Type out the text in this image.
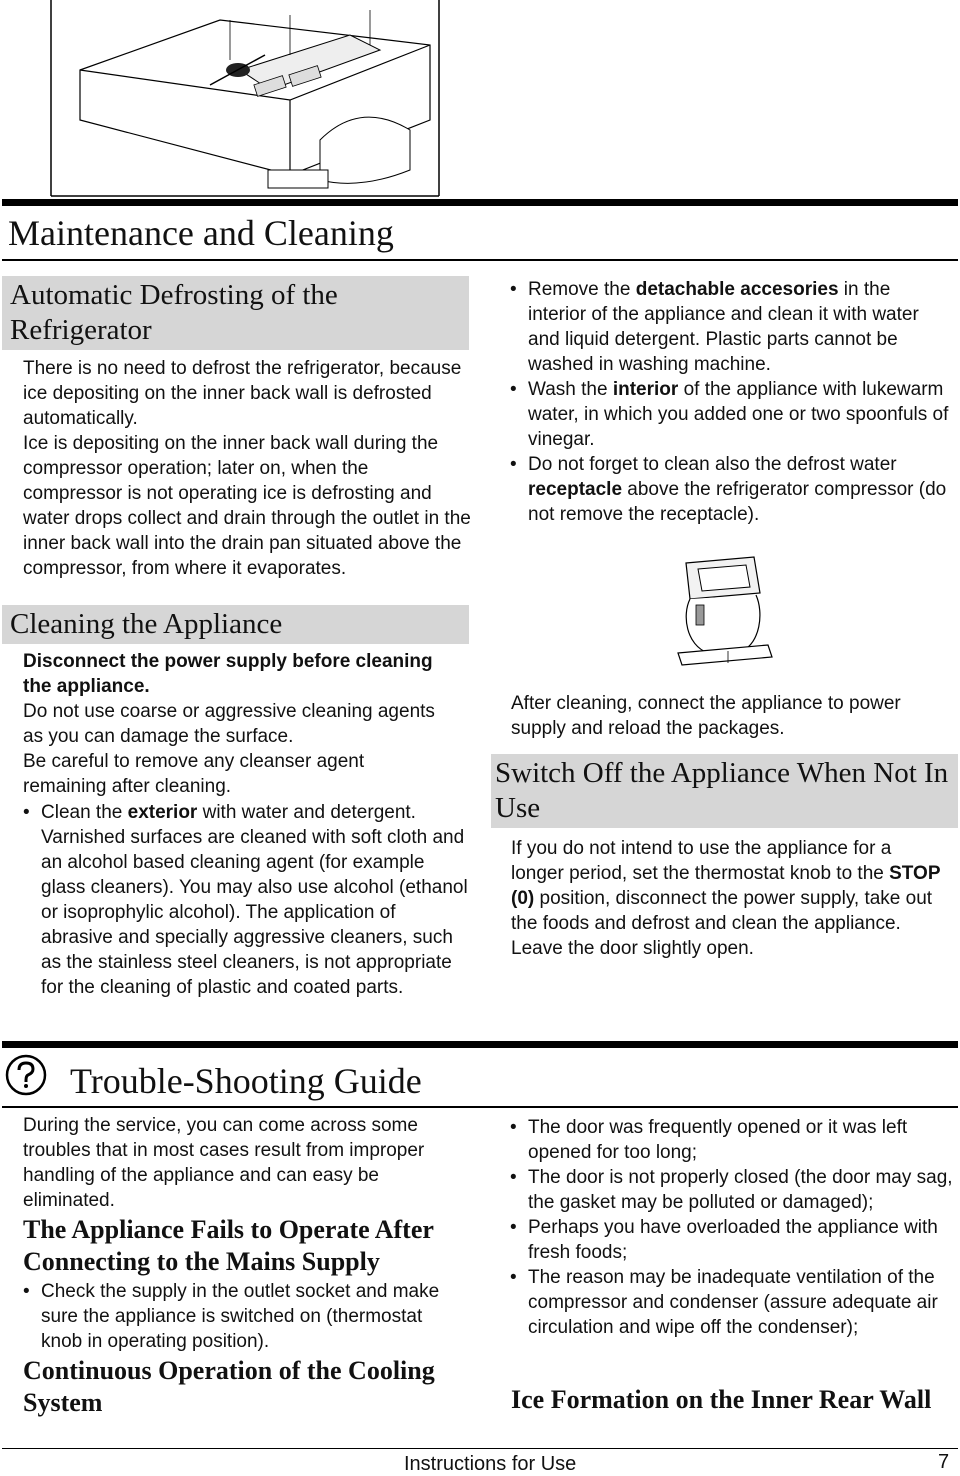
Maintenance and Cleaning
Automatic Defrosting of the Refrigerator

There is no need to defrost the refrigerator, because ice depositing on the inner back wall is defrosted automatically.

Ice is depositing on the inner back wall during the compressor operation; later on, when the compressor is not operating ice is defrosting and water drops collect and drain through the outlet in the inner back wall into the drain pan situated above the compressor, from where it evaporates.

Cleaning the Appliance

Disconnect the power supply before cleaning the appliance.

Do not use coarse or aggressive cleaning agents as you can damage the surface.

Be careful to remove any cleanser agent remaining after cleaning.

• Clean the exterior with water and detergent. Varnished surfaces are cleaned with soft cloth and an alcohol based cleaning agent (for example glass cleaners). You may also use alcohol (ethanol or isoprophylic alcohol). The application of abrasive and specially aggressive cleaners, such as the stainless steel cleaners, is not appropriate for the cleaning of plastic and coated parts.
• Remove the detachable accesories in the interior of the appliance and clean it with water and liquid detergent. Plastic parts cannot be washed in washing machine.
• Wash the interior of the appliance with lukewarm water, in which you added one or two spoonfuls of vinegar.
• Do not forget to clean also the defrost water receptacle above the refrigerator compressor (do not remove the receptacle).

After cleaning, connect the appliance to power supply and reload the packages.

Switch Off the Appliance When Not In Use

If you do not intend to use the appliance for a longer period, set the thermostat knob to the STOP (0) position, disconnect the power supply, take out the foods and defrost and clean the appliance. Leave the door slightly open.

Trouble-Shooting Guide

During the service, you can come across some troubles that in most cases result from improper handling of the appliance and can easy be eliminated.

The Appliance Fails to Operate After Connecting to the Mains Supply
• Check the supply in the outlet socket and make sure the appliance is switched on (thermostat knob in operating position).
Continuous Operation of the Cooling System
• The door was frequently opened or it was left opened for too long;
• The door is not properly closed (the door may sag, the gasket may be polluted or damaged);
• Perhaps you have overloaded the appliance with fresh foods;
• The reason may be inadequate ventilation of the compressor and condenser (assure adequate air circulation and wipe off the condenser);
Ice Formation on the Inner Rear Wall
Instructions for Use	7
